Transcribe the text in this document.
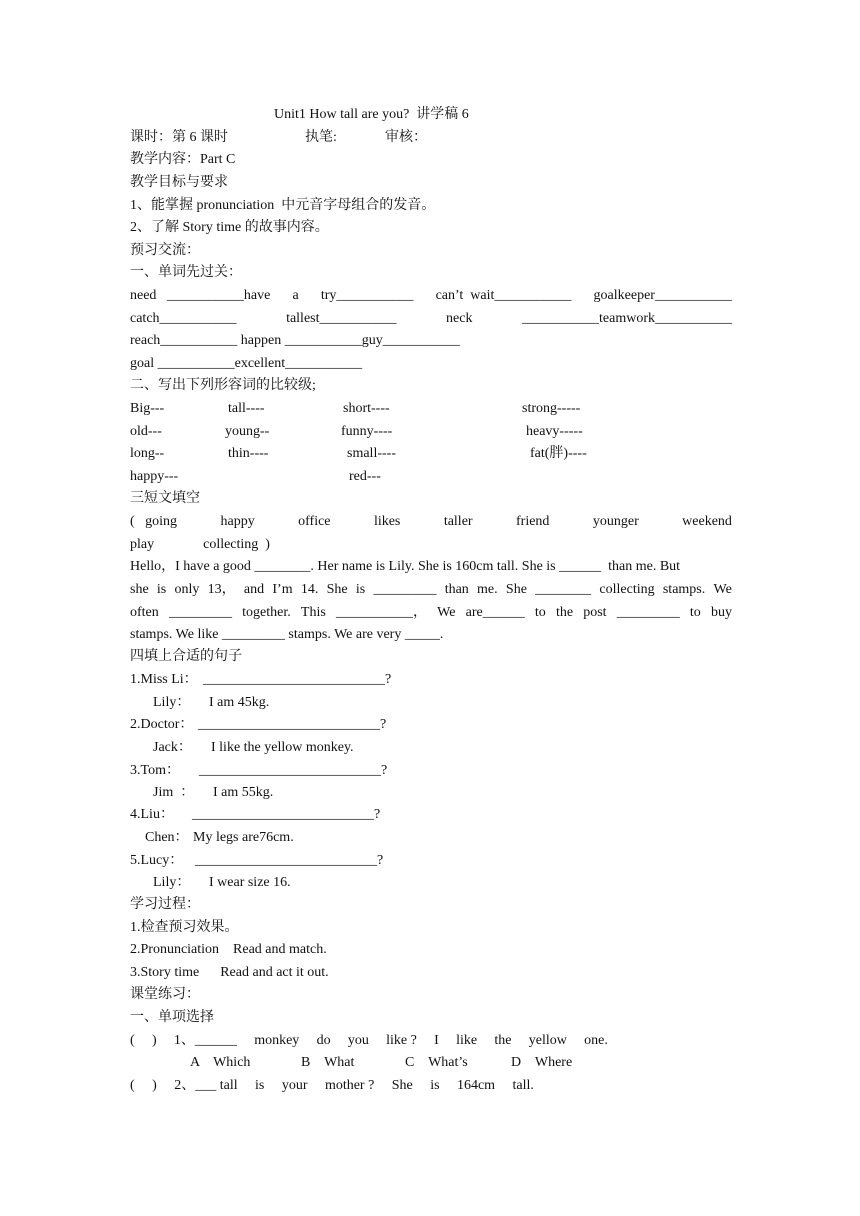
Unit1 How tall are you?  讲学稿 6
课时：第 6 课时	执笔:	审核：
教学内容：Part C
教学目标与要求
1、能掌握 pronunciation  中元音字母组合的发音。
2、了解 Story time 的故事内容。
预习交流：
一、单词先过关：
need   ___________have a try___________ can’t  wait___________ goalkeeper___________
catch___________	tallest___________	neck	___________teamwork___________
reach___________ happen ___________guy___________
goal ___________excellent___________
二、写出下列形容词的比较级;
Big---	tall----	short----	strong-----
old---	young--	funny----	heavy-----
long--	thin----	small----	fat(胖)----
happy---	red---
三短文填空
(   going	happy	office	likes	taller	friend	younger	weekend
play              collecting  )
Hello，I have a good ________. Her name is Lily. She is 160cm tall. She is ______  than me. But
she is only 13， and I’m 14. She is _________ than me. She ________ collecting stamps. We
often _________ together. This ___________， We are______ to the post _________ to buy
stamps. We like _________ stamps. We are very _____.
四填上合适的句子
1.Miss Li： __________________________?
Lily： I am 45kg.
2.Doctor： __________________________?
Jack： I like the yellow monkey.
3.Tom： __________________________?
Jim  ： I am 55kg.
4.Liu： __________________________?
Chen： My legs are76cm.
5.Lucy： __________________________?
Lily： I wear size 16.
学习过程：
1.检查预习效果。
2.Pronunciation    Read and match.
3.Story time      Read and act it out.
课堂练习：
一、单项选择
( ) 1、______ monkey do you like ? I like the yellow one.
A    Which	B    What	C    What’s	D    Where
( ) 2、___ tall is your mother ? She is 164cm tall.
